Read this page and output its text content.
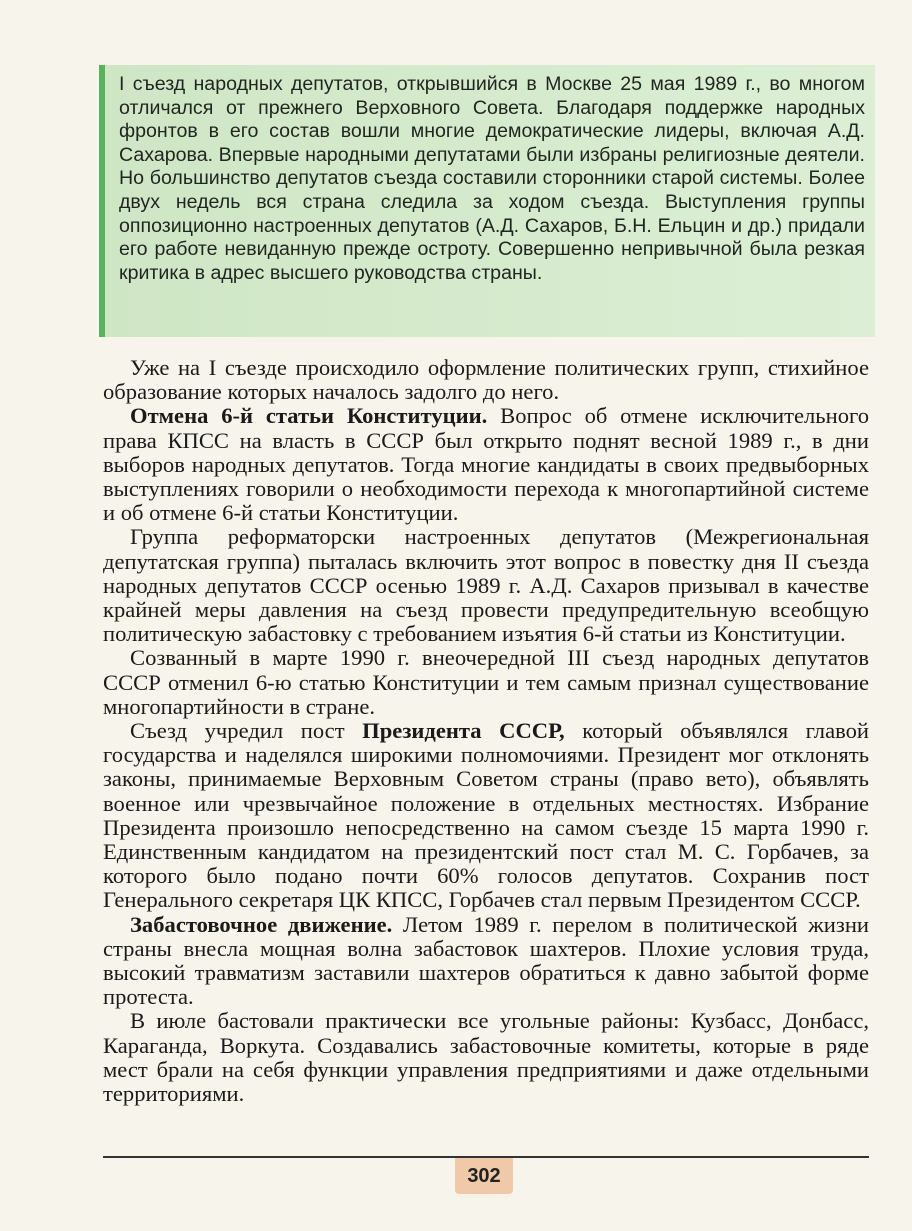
I съезд народных депутатов, открывшийся в Москве 25 мая 1989 г., во многом отличался от прежнего Верховного Совета. Благодаря поддержке народных фронтов в его состав вошли многие демократические лидеры, включая А.Д. Сахарова. Впервые народными депутатами были избраны религиозные деятели. Но большинство депутатов съезда составили сторонники старой системы. Более двух недель вся страна следила за ходом съезда. Выступления группы оппозиционно настроенных депутатов (А.Д. Сахаров, Б.Н. Ельцин и др.) придали его работе невиданную прежде остроту. Совершенно непривычной была резкая критика в адрес высшего руководства страны.

Уже на I съезде происходило оформление политических групп, стихийное образование которых началось задолго до него.

Отмена 6-й статьи Конституции. Вопрос об отмене исключительного права КПСС на власть в СССР был открыто поднят весной 1989 г., в дни выборов народных депутатов. Тогда многие кандидаты в своих предвыборных выступлениях говорили о необходимости перехода к многопартийной системе и об отмене 6-й статьи Конституции.

Группа реформаторски настроенных депутатов (Межрегиональная депутатская группа) пыталась включить этот вопрос в повестку дня II съезда народных депутатов СССР осенью 1989 г. А.Д. Сахаров призывал в качестве крайней меры давления на съезд провести предупредительную всеобщую политическую забастовку с требованием изъятия 6-й статьи из Конституции.

Созванный в марте 1990 г. внеочередной III съезд народных депутатов СССР отменил 6-ю статью Конституции и тем самым признал существование многопартийности в стране.

Съезд учредил пост Президента СССР, который объявлялся главой государства и наделялся широкими полномочиями. Президент мог отклонять законы, принимаемые Верховным Советом страны (право вето), объявлять военное или чрезвычайное положение в отдельных местностях. Избрание Президента произошло непосредственно на самом съезде 15 марта 1990 г. Единственным кандидатом на президентский пост стал М. С. Горбачев, за которого было подано почти 60% голосов депутатов. Сохранив пост Генерального секретаря ЦК КПСС, Горбачев стал первым Президентом СССР.

Забастовочное движение. Летом 1989 г. перелом в политической жизни страны внесла мощная волна забастовок шахтеров. Плохие условия труда, высокий травматизм заставили шахтеров обратиться к давно забытой форме протеста.

В июле бастовали практически все угольные районы: Кузбасс, Донбасс, Караганда, Воркута. Создавались забастовочные комитеты, которые в ряде мест брали на себя функции управления предприятиями и даже отдельными территориями.

302
